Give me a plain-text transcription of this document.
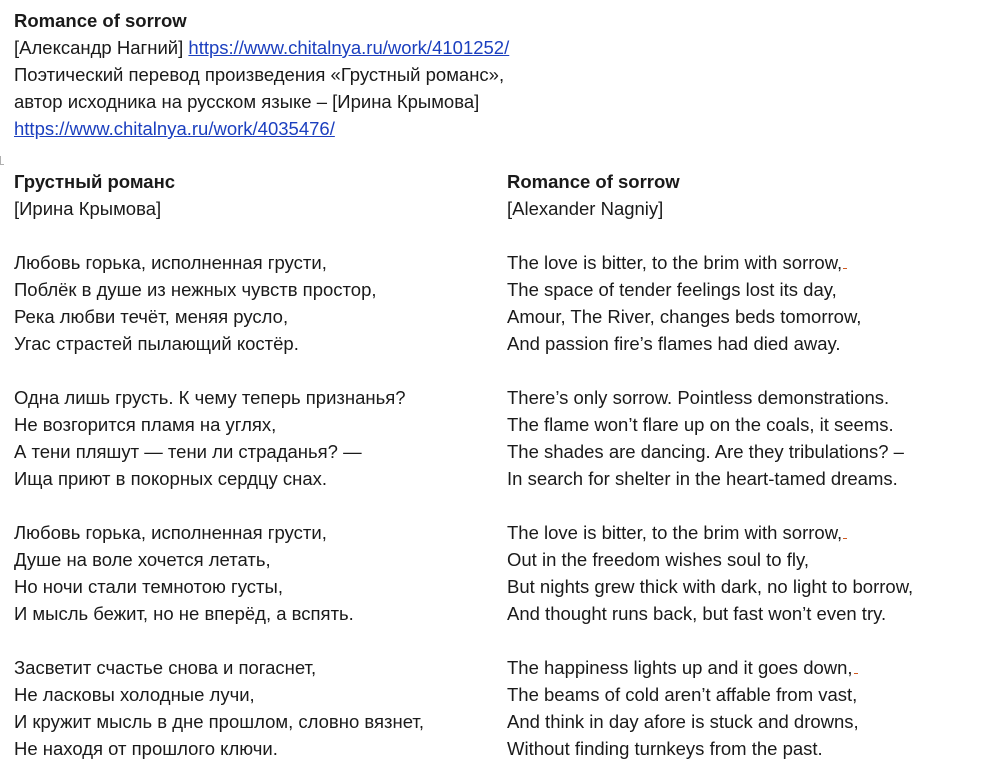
Romance of sorrow
[Александр Нагний] https://www.chitalnya.ru/work/4101252/
Поэтический перевод произведения «Грустный романс»,
автор исходника на русском языке – [Ирина Крымова]
https://www.chitalnya.ru/work/4035476/
Грустный романс
[Ирина Крымова]
Любовь горька, исполненная грусти,
Поблёк в душе из нежных чувств простор,
Река любви течёт, меняя русло,
Угас страстей пылающий костёр.
Одна лишь грусть. К чему теперь признанья?
Не возгорится пламя на углях,
А тени пляшут — тени ли страданья? —
Ища приют в покорных сердцу снах.
Любовь горька, исполненная грусти,
Душе на воле хочется летать,
Но ночи стали темнотою густы,
И мысль бежит, но не вперёд, а вспять.
Засветит счастье снова и погаснет,
Не ласковы холодные лучи,
И кружит мысль в дне прошлом, словно вязнет,
Не находя от прошлого ключи.
Romance of sorrow
[Alexander Nagniy]
The love is bitter, to the brim with sorrow,
The space of tender feelings lost its day,
Amour, The River, changes beds tomorrow,
And passion fire’s flames had died away.
There’s only sorrow. Pointless demonstrations.
The flame won’t flare up on the coals, it seems.
The shades are dancing. Are they tribulations? –
In search for shelter in the heart-tamed dreams.
The love is bitter, to the brim with sorrow,
Out in the freedom wishes soul to fly,
But nights grew thick with dark, no light to borrow,
And thought runs back, but fast won’t even try.
The happiness lights up and it goes down,
The beams of cold aren’t affable from vast,
And think in day afore is stuck and drowns,
Without finding turnkeys from the past.
